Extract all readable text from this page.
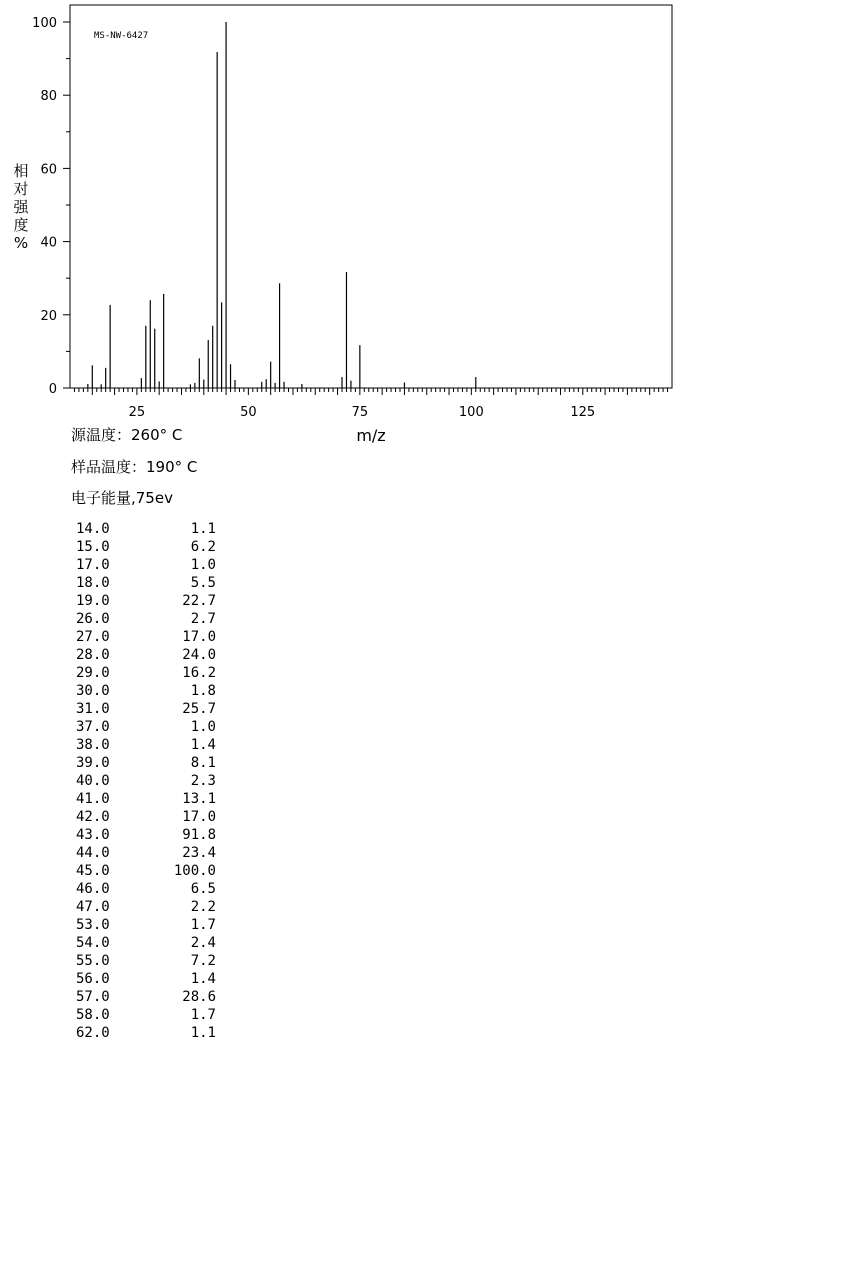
0
20
40
60
80
100
25	50	75	100	125
MS-NW-6427
相
对
强
度
%
m/z
源温度：260° C
样品温度：190° C
电子能量,75ev
14.0	1.1
15.0	6.2
17.0	1.0
18.0	5.5
19.0	22.7
26.0	2.7
27.0	17.0
28.0	24.0
29.0	16.2
30.0	1.8
31.0	25.7
37.0	1.0
38.0	1.4
39.0	8.1
40.0	2.3
41.0	13.1
42.0	17.0
43.0	91.8
44.0	23.4
45.0	100.0
46.0	6.5
47.0	2.2
53.0	1.7
54.0	2.4
55.0	7.2
56.0	1.4
57.0	28.6
58.0	1.7
62.0	1.1
